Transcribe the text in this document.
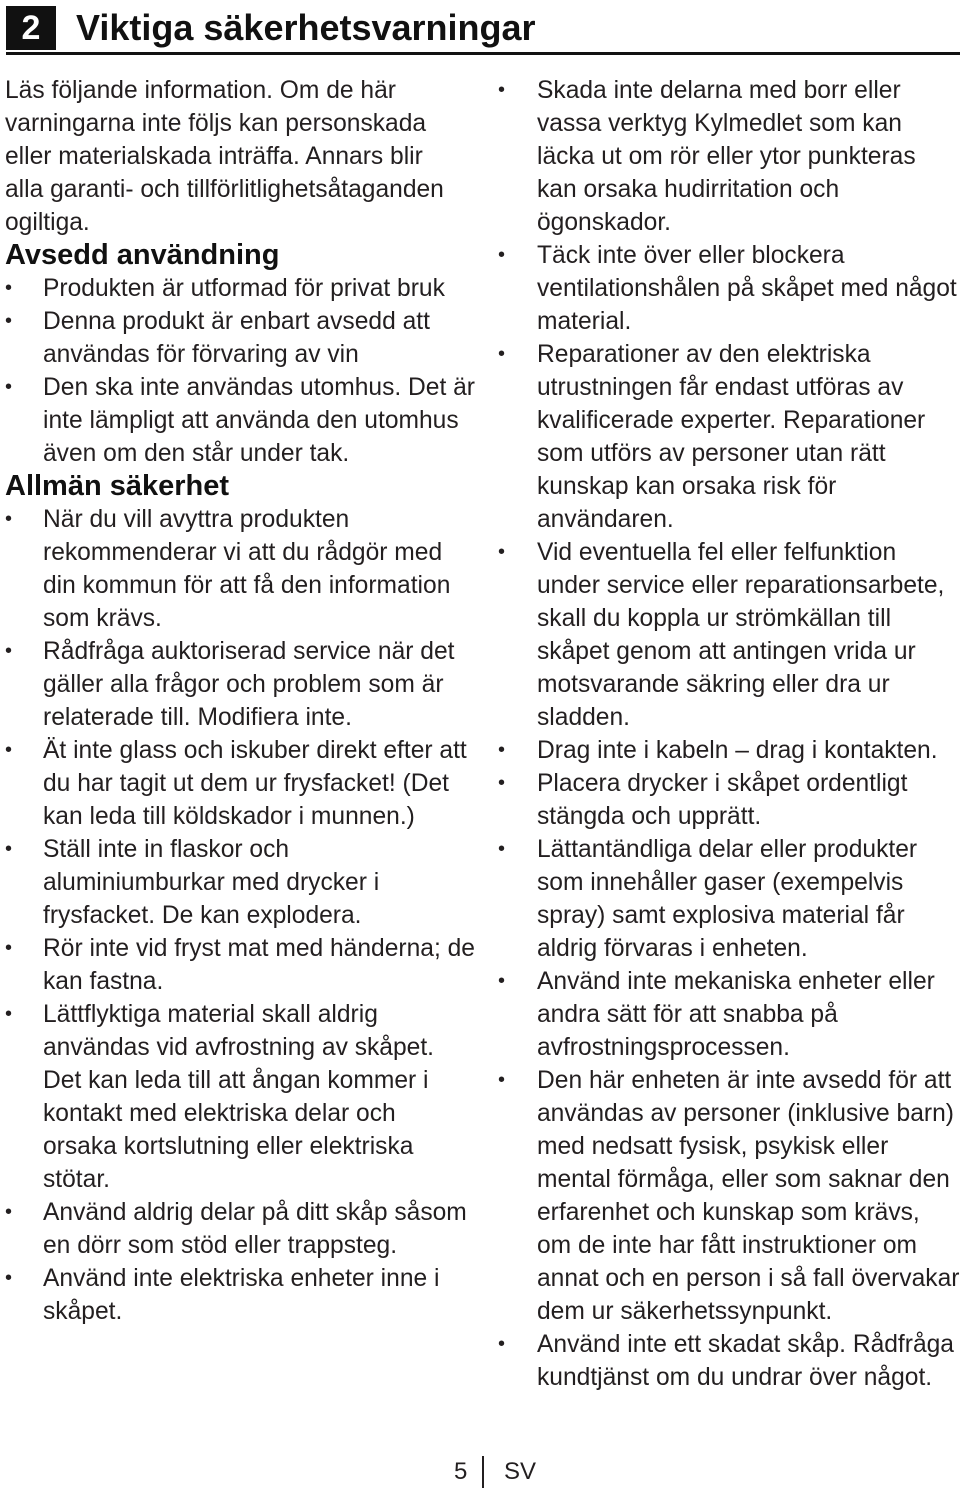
2 Viktiga säkerhetsvarningar

Läs följande information. Om de här varningarna inte följs kan personskada eller materialskada inträffa. Annars blir alla garanti- och tillförlitlighetsåtaganden ogiltiga.

Avsedd användning
•	Produkten är utformad för privat bruk
•	Denna produkt är enbart avsedd att användas för förvaring av vin
•	Den ska inte användas utomhus. Det är inte lämpligt att använda den utomhus även om den står under tak.
Allmän säkerhet
•	När du vill avyttra produkten rekommenderar vi att du rådgör med din kommun för att få den information som krävs.
•	Rådfråga auktoriserad service när det gäller alla frågor och problem som är relaterade till. Modifiera inte.
•	Ät inte glass och iskuber direkt efter att du har tagit ut dem ur frysfacket! (Det kan leda till köldskador i munnen.)
•	Ställ inte in flaskor och aluminiumburkar med drycker i frysfacket. De kan explodera.
•	Rör inte vid fryst mat med händerna; de kan fastna.
•	Lättflyktiga material skall aldrig användas vid avfrostning av skåpet. Det kan leda till att ångan kommer i kontakt med elektriska delar och orsaka kortslutning eller elektriska stötar.
•	Använd aldrig delar på ditt skåp såsom en dörr som stöd eller trappsteg.
•	Använd inte elektriska enheter inne i skåpet.
•	Skada inte delarna med borr eller vassa verktyg Kylmedlet som kan läcka ut om rör eller ytor punkteras kan orsaka hudirritation och ögonskador.
•	Täck inte över eller blockera ventilationshålen på skåpet med något material.
•	Reparationer av den elektriska utrustningen får endast utföras av kvalificerade experter. Reparationer som utförs av personer utan rätt kunskap kan orsaka risk för användaren.
•	Vid eventuella fel eller felfunktion under service eller reparationsarbete, skall du koppla ur strömkällan till skåpet genom att antingen vrida ur motsvarande säkring eller dra ur sladden.
•	Drag inte i kabeln – drag i kontakten.
•	Placera drycker i skåpet ordentligt stängda och upprätt.
•	Lättantändliga delar eller produkter som innehåller gaser (exempelvis spray) samt explosiva material får aldrig förvaras i enheten.
•	Använd inte mekaniska enheter eller andra sätt för att snabba på avfrostningsprocessen.
•	Den här enheten är inte avsedd för att användas av personer (inklusive barn) med nedsatt fysisk, psykisk eller mental förmåga, eller som saknar den erfarenhet och kunskap som krävs, om de inte har fått instruktioner om annat och en person i så fall övervakar dem ur säkerhetssynpunkt.
•	Använd inte ett skadat skåp. Rådfråga kundtjänst om du undrar över något.
5 SV
